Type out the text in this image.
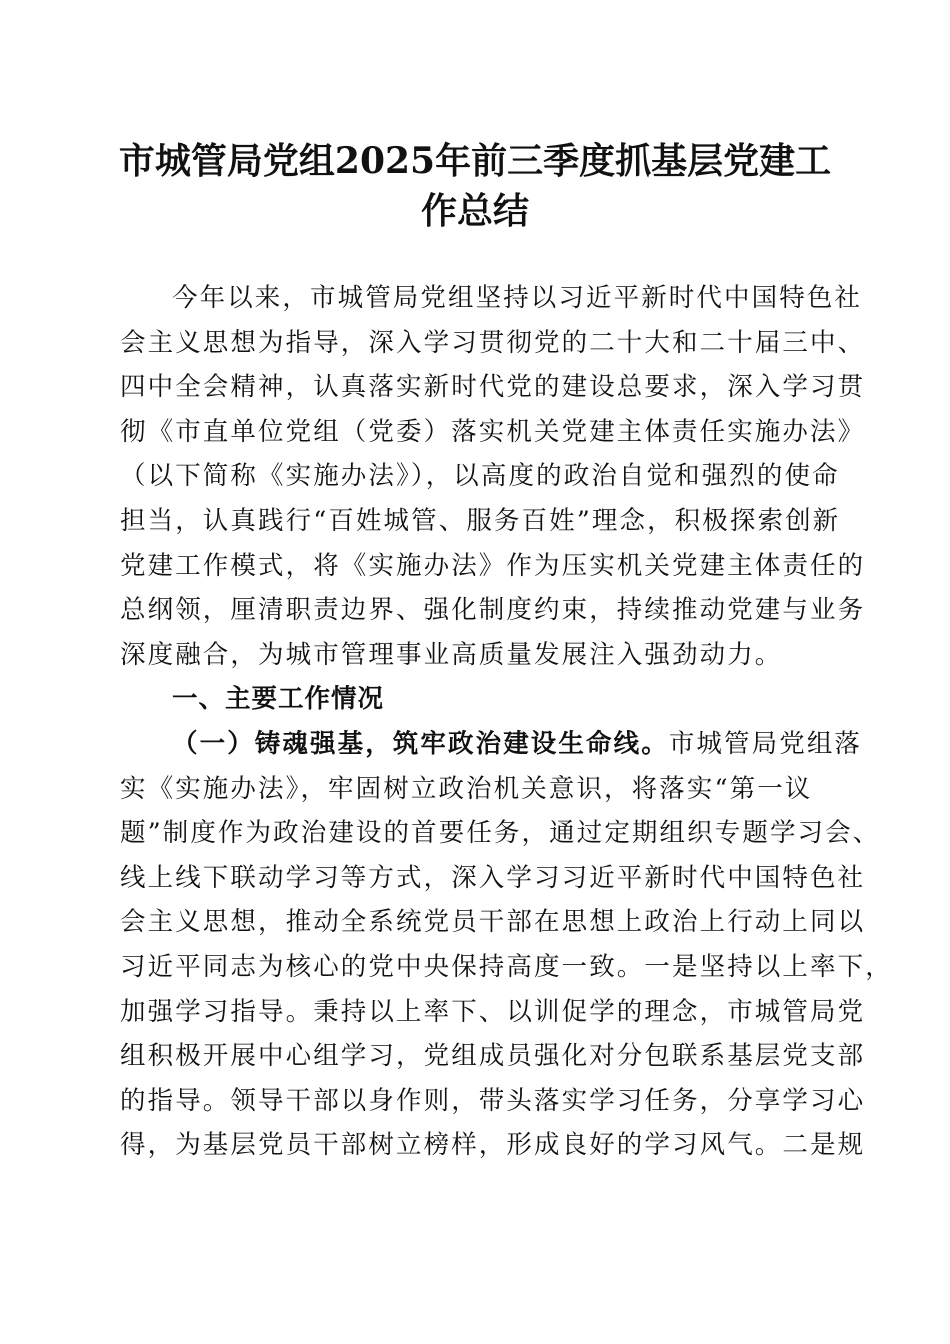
市城管局党组2025年前三季度抓基层党建工
作总结
今年以来，市城管局党组坚持以习近平新时代中国特色社
会主义思想为指导，深入学习贯彻党的二十大和二十届三中、
四中全会精神，认真落实新时代党的建设总要求，深入学习贯
彻《市直单位党组（党委）落实机关党建主体责任实施办法》
（以下简称《实施办法》），以高度的政治自觉和强烈的使命
担当，认真践行“百姓城管、服务百姓”理念，积极探索创新
党建工作模式，将《实施办法》作为压实机关党建主体责任的
总纲领，厘清职责边界、强化制度约束，持续推动党建与业务
深度融合，为城市管理事业高质量发展注入强劲动力。
一、主要工作情况
（一）铸魂强基，筑牢政治建设生命线。市城管局党组落
实《实施办法》，牢固树立政治机关意识，将落实“第一议
题”制度作为政治建设的首要任务，通过定期组织专题学习会、
线上线下联动学习等方式，深入学习习近平新时代中国特色社
会主义思想，推动全系统党员干部在思想上政治上行动上同以
习近平同志为核心的党中央保持高度一致。一是坚持以上率下，
加强学习指导。秉持以上率下、以训促学的理念，市城管局党
组积极开展中心组学习，党组成员强化对分包联系基层党支部
的指导。领导干部以身作则，带头落实学习任务，分享学习心
得，为基层党员干部树立榜样，形成良好的学习风气。二是规
